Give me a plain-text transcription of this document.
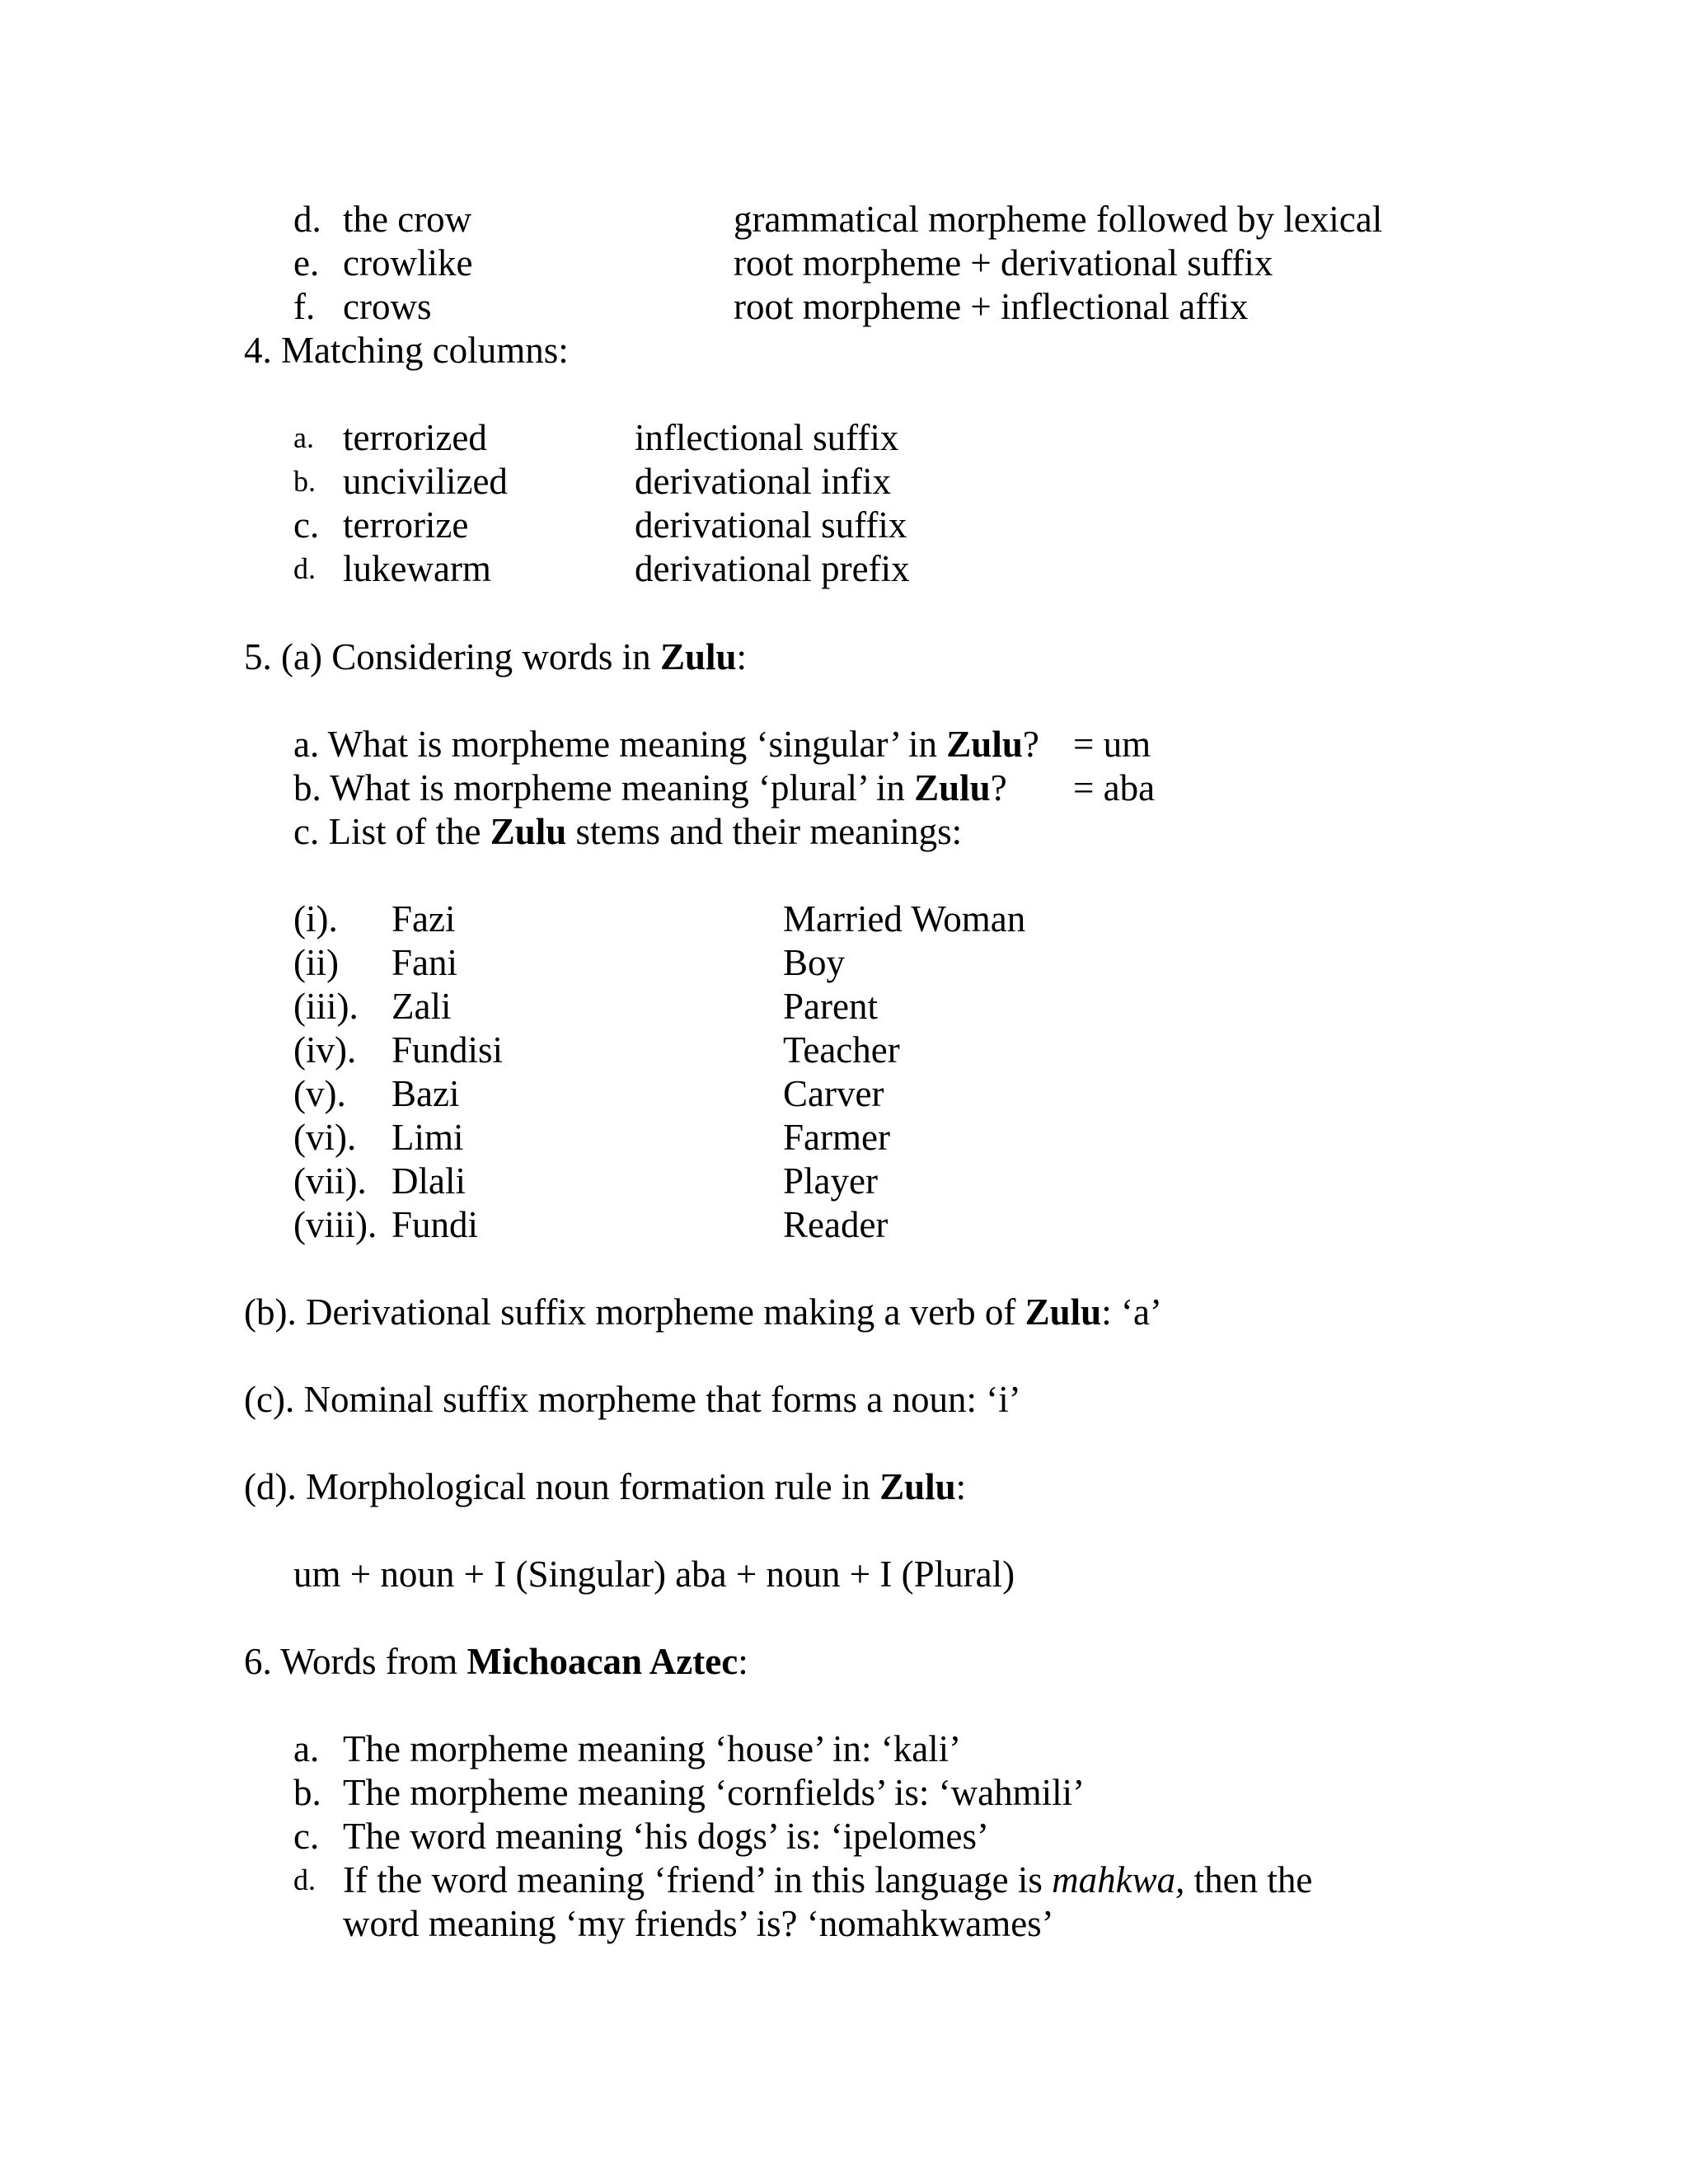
d. the crow	grammatical morpheme followed by lexical
e. crowlike	root morpheme + derivational suffix
f. crows	root morpheme + inflectional affix
4. Matching columns:
a. terrorized	inflectional suffix
b. uncivilized	derivational infix
c. terrorize	derivational suffix
d. lukewarm	derivational prefix
5. (a) Considering words in Zulu:
a. What is morpheme meaning ‘singular’ in Zulu? = um
b. What is morpheme meaning ‘plural’ in Zulu? = aba
c. List of the Zulu stems and their meanings:
(i). Fazi	Married Woman
(ii) Fani	Boy
(iii). Zali	Parent
(iv). Fundisi	Teacher
(v). Bazi	Carver
(vi). Limi	Farmer
(vii). Dlali	Player
(viii). Fundi	Reader
(b). Derivational suffix morpheme making a verb of Zulu: ‘a’
(c). Nominal suffix morpheme that forms a noun: ‘i’
(d). Morphological noun formation rule in Zulu:
um + noun + I (Singular) aba + noun + I (Plural)
6. Words from Michoacan Aztec:
a. The morpheme meaning ‘house’ in: ‘kali’
b. The morpheme meaning ‘cornfields’ is: ‘wahmili’
c. The word meaning ‘his dogs’ is: ‘ipelomes’
d. If the word meaning ‘friend’ in this language is mahkwa, then the
word meaning ‘my friends’ is? ‘nomahkwames’
